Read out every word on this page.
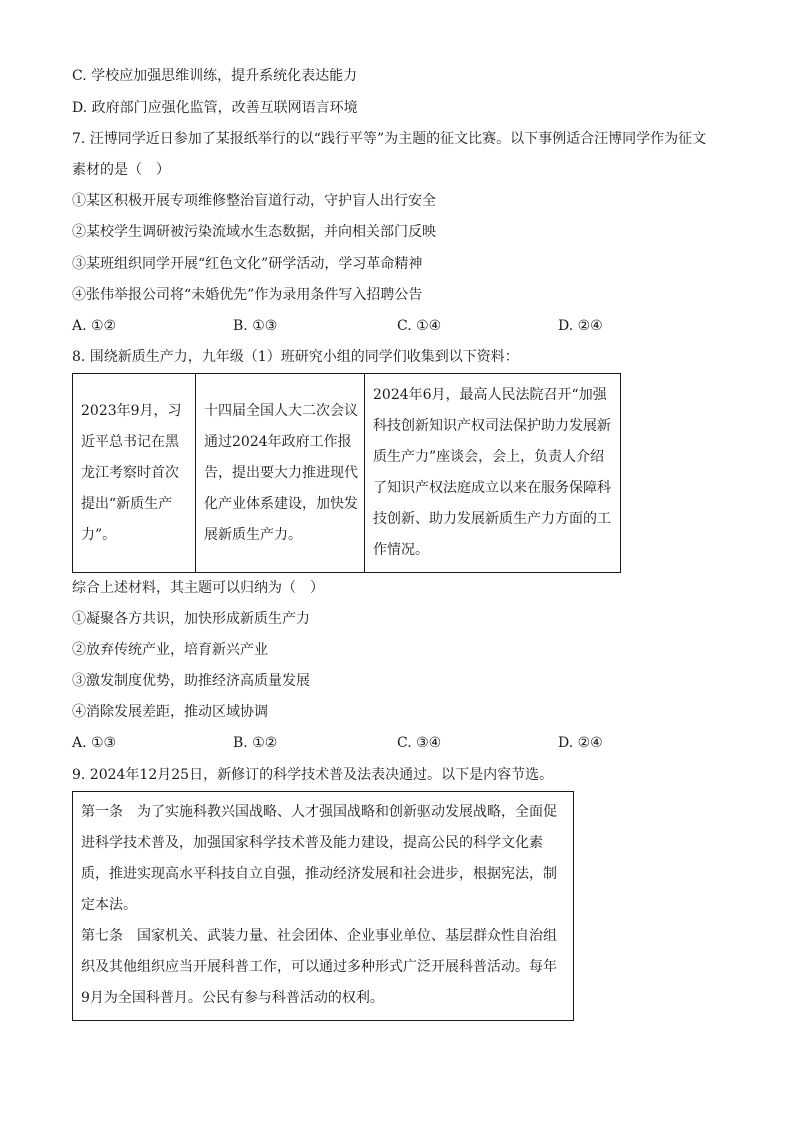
C. 学校应加强思维训练，提升系统化表达能力
D. 政府部门应强化监管，改善互联网语言环境
7. 汪博同学近日参加了某报纸举行的以“践行平等”为主题的征文比赛。以下事例适合汪博同学作为征文
素材的是（　）
①某区积极开展专项维修整治盲道行动，守护盲人出行安全
②某校学生调研被污染流域水生态数据，并向相关部门反映
③某班组织同学开展“红色文化”研学活动，学习革命精神
④张伟举报公司将“未婚优先”作为录用条件写入招聘公告
A. ①②	B. ①③	C. ①④	D. ②④
8. 围绕新质生产力，九年级（1）班研究小组的同学们收集到以下资料：
2023年9月，习近平总书记在黑龙江考察时首次提出“新质生产力”。	十四届全国人大二次会议通过2024年政府工作报告，提出要大力推进现代化产业体系建设，加快发展新质生产力。	2024年6月，最高人民法院召开“加强科技创新知识产权司法保护助力发展新质生产力”座谈会，会上，负责人介绍了知识产权法庭成立以来在服务保障科技创新、助力发展新质生产力方面的工作情况。
综合上述材料，其主题可以归纳为（　）
①凝聚各方共识，加快形成新质生产力
②放弃传统产业，培育新兴产业
③激发制度优势，助推经济高质量发展
④消除发展差距，推动区域协调
A. ①③	B. ①②	C. ③④	D. ②④
9. 2024年12月25日，新修订的科学技术普及法表决通过。以下是内容节选。

第一条　为了实施科教兴国战略、人才强国战略和创新驱动发展战略，全面促进科学技术普及，加强国家科学技术普及能力建设，提高公民的科学文化素质，推进实现高水平科技自立自强，推动经济发展和社会进步，根据宪法，制定本法。

第七条　国家机关、武装力量、社会团体、企业事业单位、基层群众性自治组织及其他组织应当开展科普工作，可以通过多种形式广泛开展科普活动。每年9月为全国科普月。公民有参与科普活动的权利。
